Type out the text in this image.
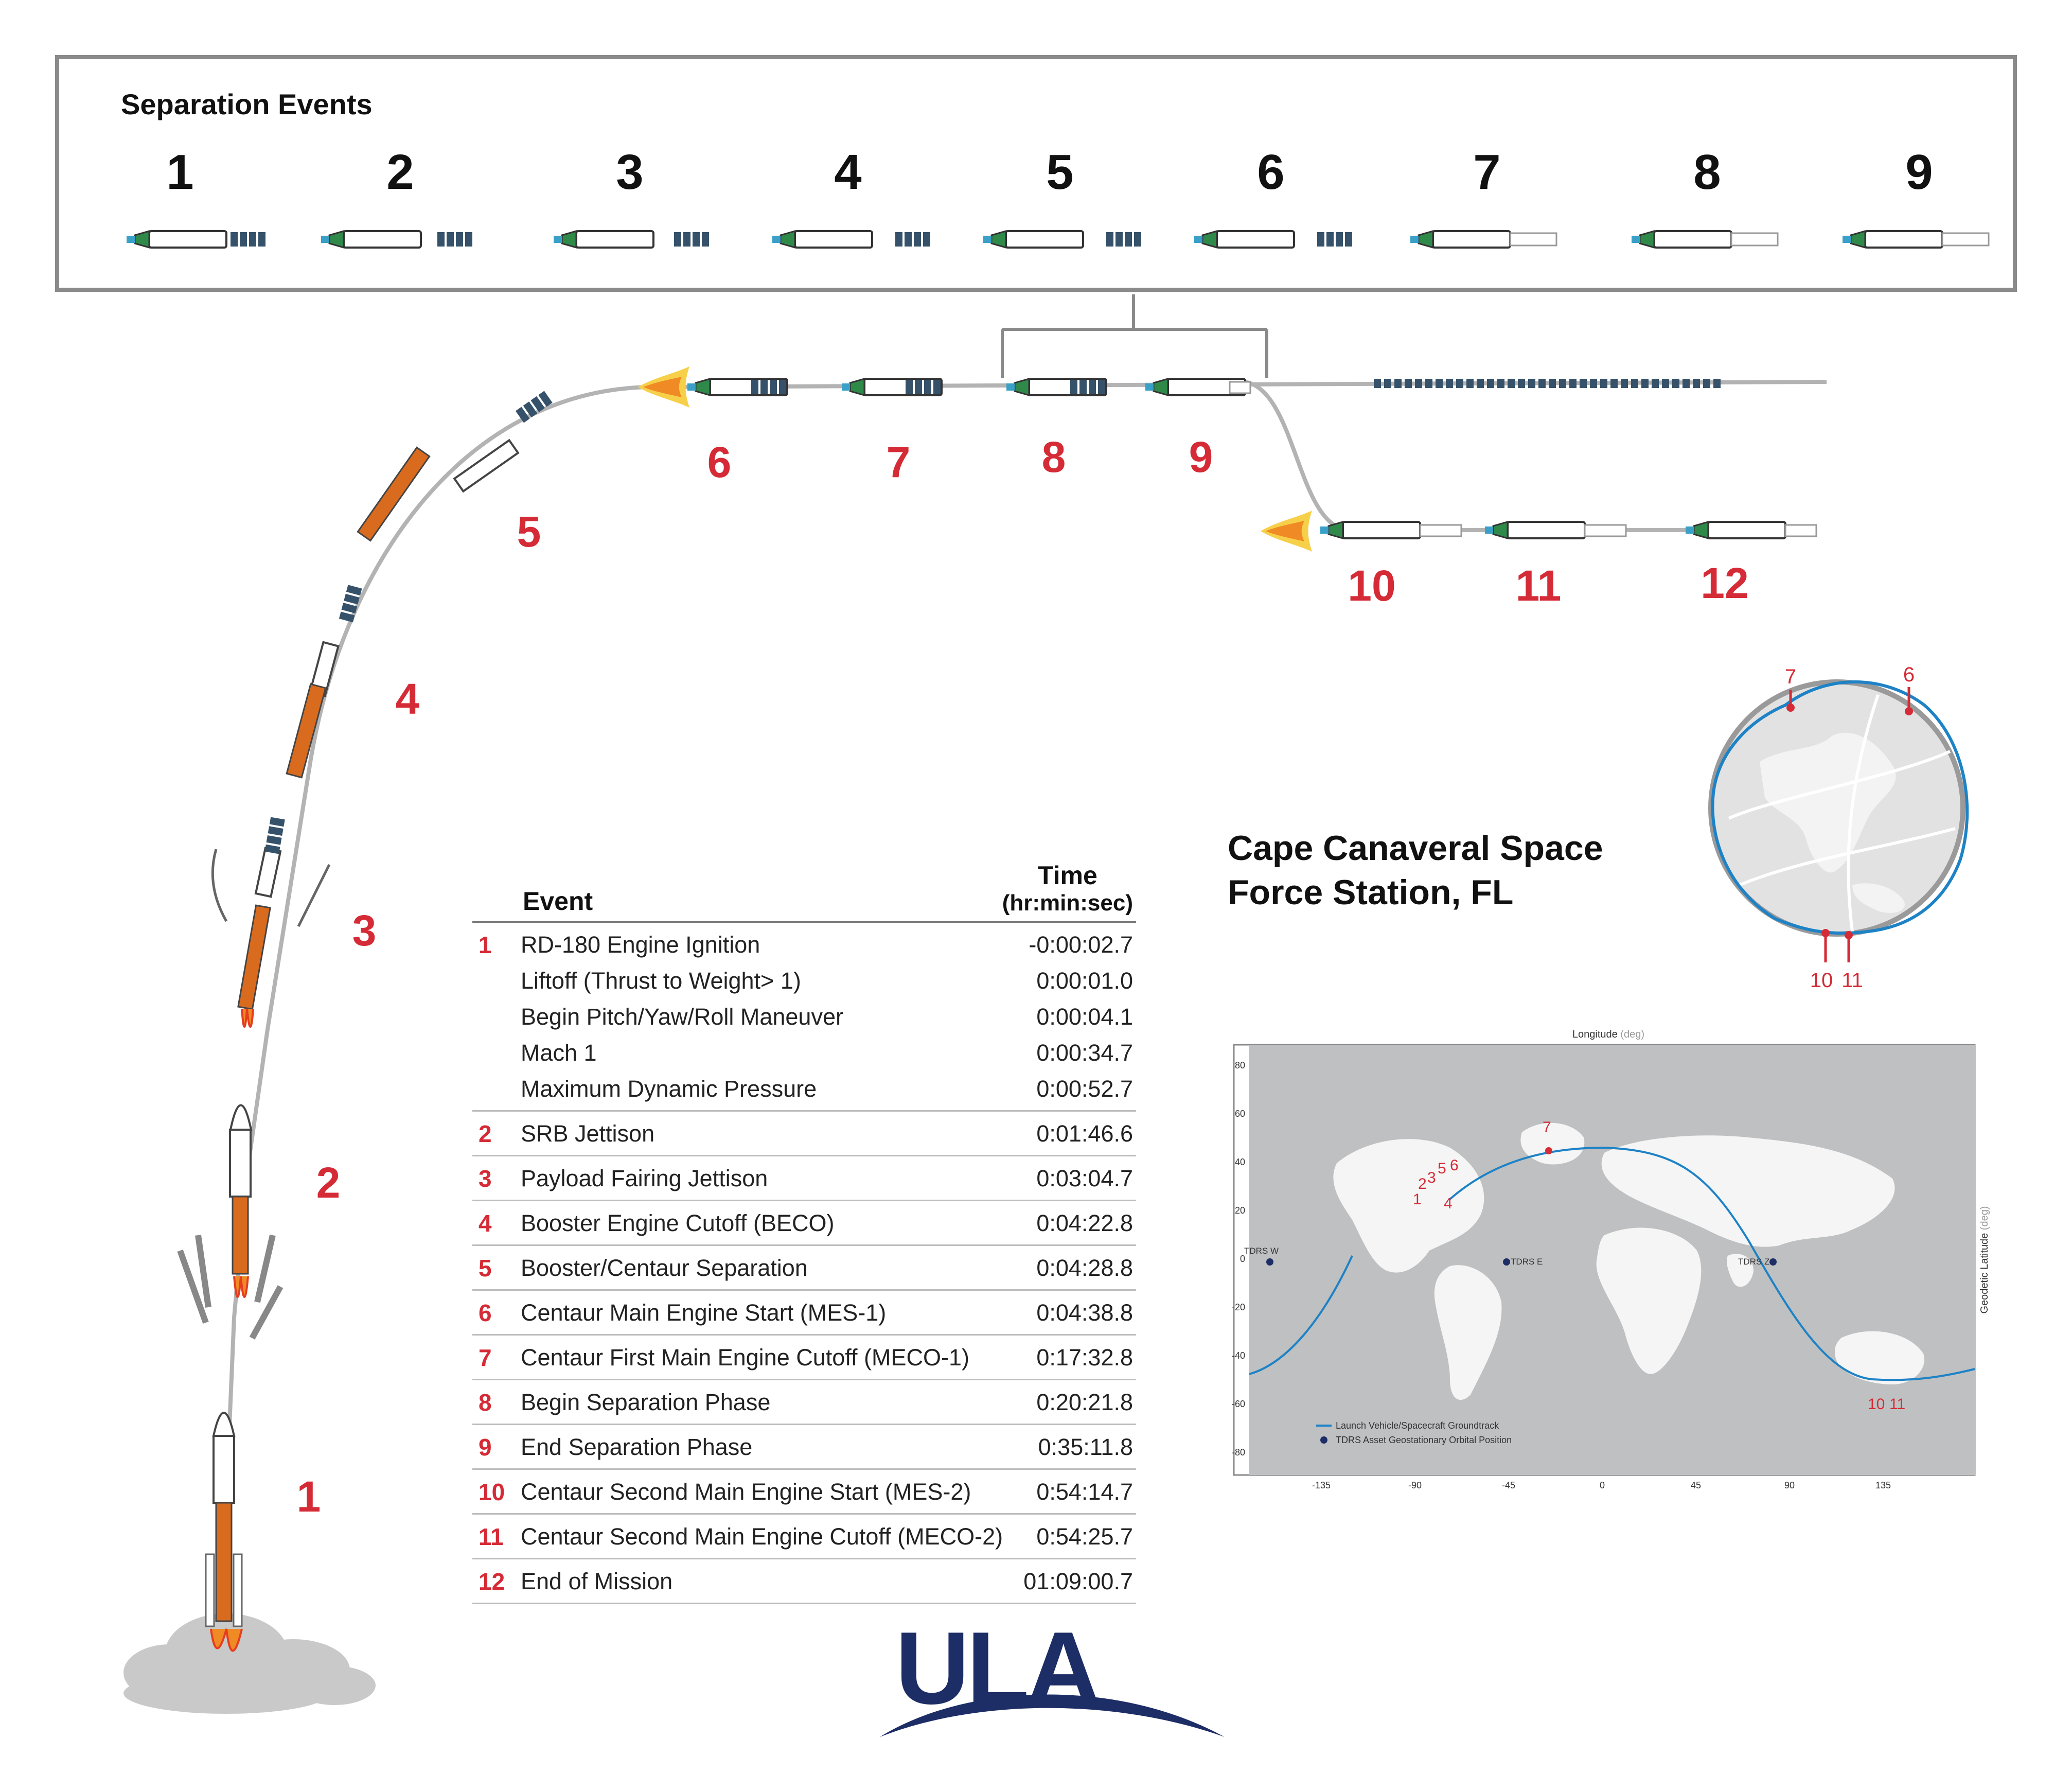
Separation Events
1	2	3	4	5	6	7	8	9
1
2
3
4
5
6	7	8	9
10	11	12
Cape Canaveral Space
Force Station, FL
Event
Time
(hr:min:sec)
1	RD-180 Engine Ignition	-0:00:02.7
Liftoff (Thrust to Weight> 1)	0:00:01.0
Begin Pitch/Yaw/Roll Maneuver	0:00:04.1
Mach 1	0:00:34.7
Maximum Dynamic Pressure	0:00:52.7
2	SRB Jettison	0:01:46.6
3	Payload Fairing Jettison	0:03:04.7
4	Booster Engine Cutoff (BECO)	0:04:22.8
5	Booster/Centaur Separation	0:04:28.8
6	Centaur Main Engine Start (MES-1)	0:04:38.8
7	Centaur First Main Engine Cutoff (MECO-1)	0:17:32.8
8	Begin Separation Phase	0:20:21.8
9	End Separation Phase	0:35:11.8
10 Centaur Second Main Engine Start (MES-2)	0:54:14.7
11 Centaur Second Main Engine Cutoff (MECO-2) 0:54:25.7
12 End of Mission	01:09:00.7
7	6
10 11
Longitude (deg)
80
60
40
20
0
-20
-40
-60
-80
-135	-90	-45	0	45	90	135
TDRS W
TDRS E	TDRS Z
1
2 3
4
5 6
7
10 11
Launch Vehicle/Spacecraft Groundtrack
TDRS Asset Geostationary Orbital Position
Geodetic Latitude (deg)
ULA
